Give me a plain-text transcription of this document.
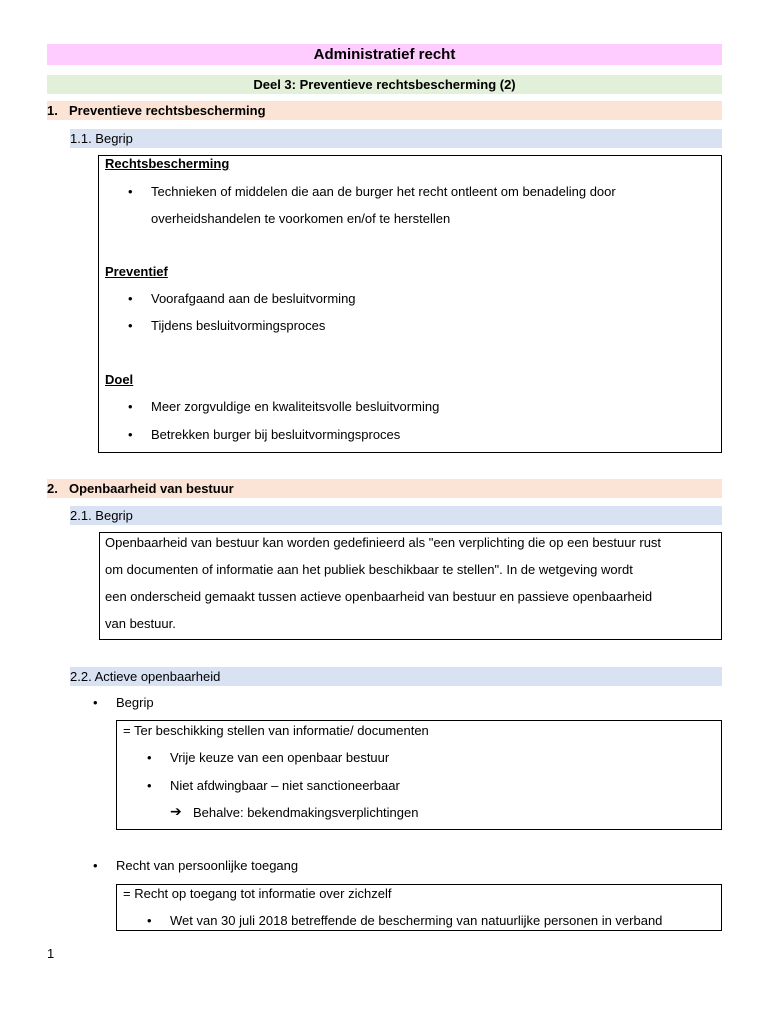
Administratief recht
Deel 3: Preventieve rechtsbescherming (2)
1. Preventieve rechtsbescherming
1.1. Begrip
Rechtsbescherming
• Technieken of middelen die aan de burger het recht ontleent om benadeling door
overheidshandelen te voorkomen en/of te herstellen
Preventief
• Voorafgaand aan de besluitvorming
• Tijdens besluitvormingsproces
Doel
• Meer zorgvuldige en kwaliteitsvolle besluitvorming
• Betrekken burger bij besluitvormingsproces
2. Openbaarheid van bestuur
2.1. Begrip
Openbaarheid van bestuur kan worden gedefinieerd als "een verplichting die op een bestuur rust
om documenten of informatie aan het publiek beschikbaar te stellen". In de wetgeving wordt
een onderscheid gemaakt tussen actieve openbaarheid van bestuur en passieve openbaarheid
van bestuur.
2.2. Actieve openbaarheid
• Begrip
= Ter beschikking stellen van informatie/ documenten
• Vrije keuze van een openbaar bestuur
• Niet afdwingbaar – niet sanctioneerbaar
➔ Behalve: bekendmakingsverplichtingen
• Recht van persoonlijke toegang
= Recht op toegang tot informatie over zichzelf
• Wet van 30 juli 2018 betreffende de bescherming van natuurlijke personen in verband
1
